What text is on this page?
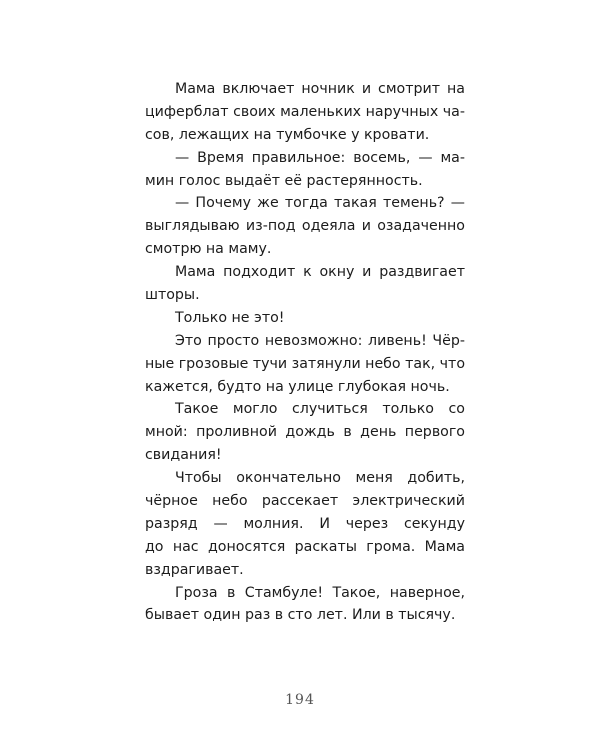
Мама включает ночник и смотрит на
циферблат своих маленьких наручных ча-
сов, лежащих на тумбочке у кровати.
— Время правильное: восемь, — ма-
мин голос выдаёт её растерянность.
— Почему же тогда такая темень? —
выглядываю из-под одеяла и озадаченно
смотрю на маму.
Мама подходит к окну и раздвигает
шторы.
Только не это!
Это просто невозможно: ливень! Чёр-
ные грозовые тучи затянули небо так, что
кажется, будто на улице глубокая ночь.
Такое могло случиться только со
мной: проливной дождь в день первого
свидания!
Чтобы окончательно меня добить,
чёрное небо рассекает электрический
разряд — молния. И через секунду
до нас доносятся раскаты грома. Мама
вздрагивает.
Гроза в Стамбуле! Такое, наверное,
бывает один раз в сто лет. Или в тысячу.
194
